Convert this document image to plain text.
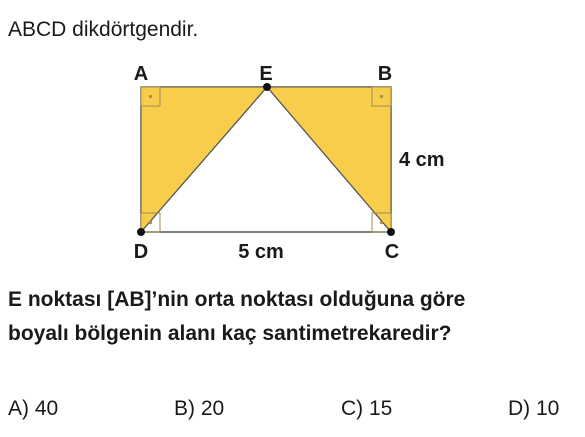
ABCD dikdörtgendir.
A	E	B
D	C
4 cm
5 cm
E noktası [AB]’nin orta noktası olduğuna göre
boyalı bölgenin alanı kaç santimetrekaredir?
A) 40	B) 20	C) 15	D) 10
